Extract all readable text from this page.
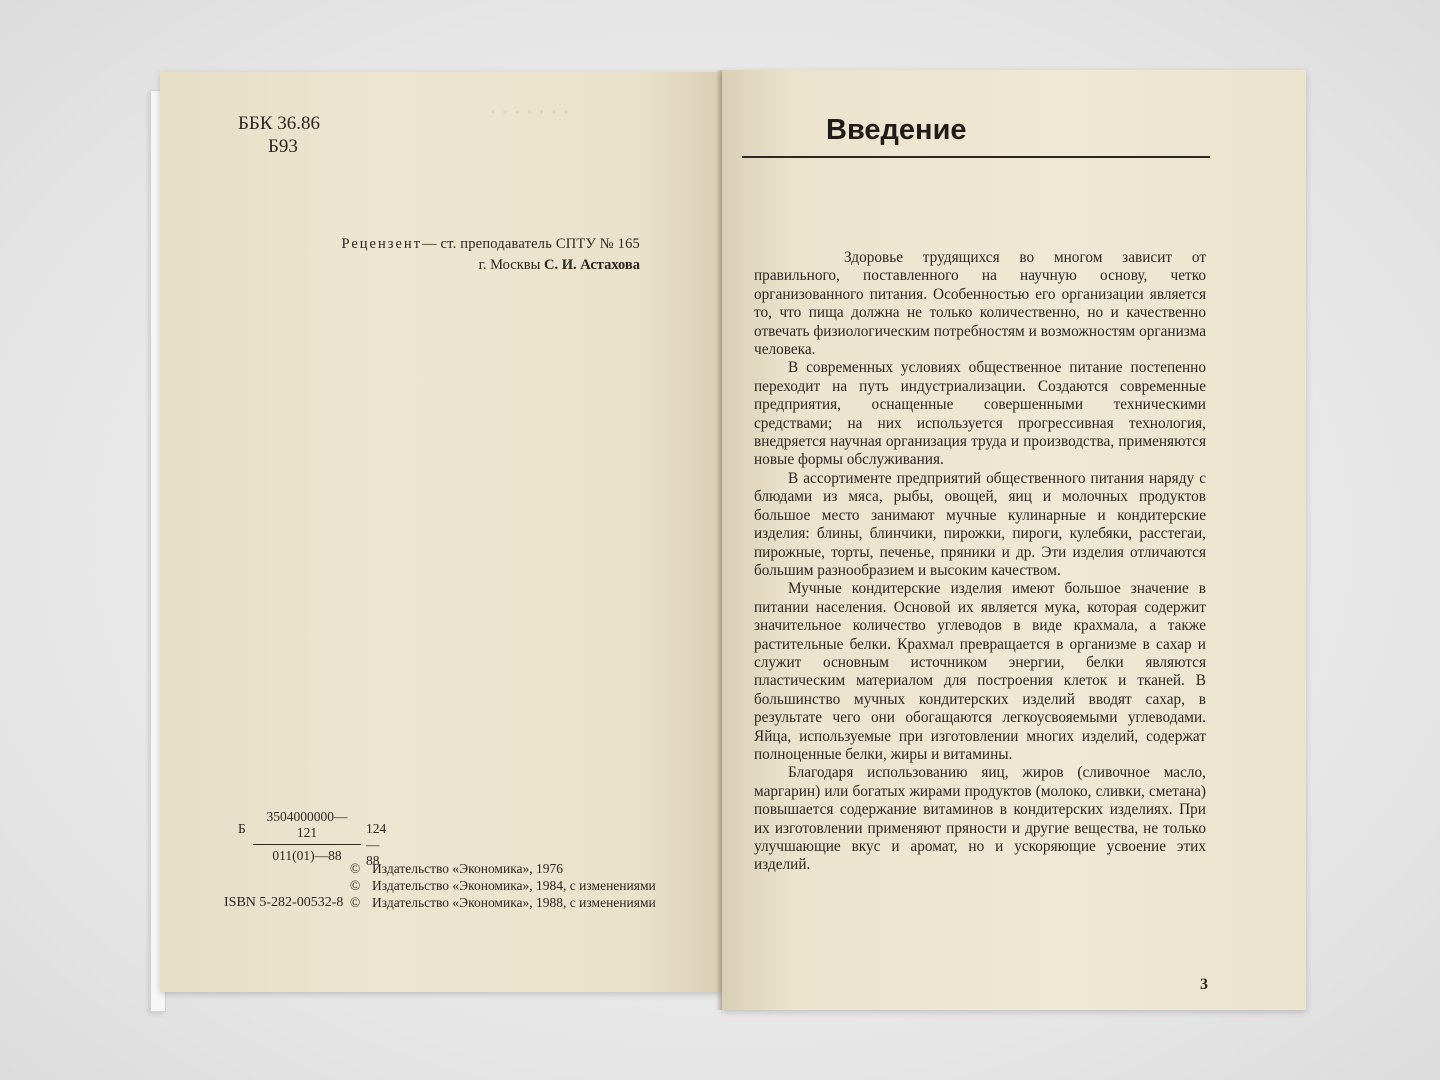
· · · · · · ·
ББК 36.86
Б93
Рецензент— ст. преподаватель СПТУ № 165
г. Москвы С. И. Астахова
Б $\frac{3504000000—121}{011(01)—88}$ 124—88
© Издательство «Экономика», 1976
© Издательство «Экономика», 1984, с изменениями
© Издательство «Экономика», 1988, с изменениями
ISBN 5-282-00532-8
Введение

Здоровье трудящихся во многом зависит от правильного, поставленного на научную основу, четко организованного питания. Особенностью его организации является то, что пища должна не только количественно, но и качественно отвечать физиологическим потребностям и возможностям организма человека.

В современных условиях общественное питание постепенно переходит на путь индустриализации. Создаются современные предприятия, оснащенные совершенными техническими средствами; на них используется прогрессивная технология, внедряется научная организация труда и производства, применяются новые формы обслуживания.

В ассортименте предприятий общественного питания наряду с блюдами из мяса, рыбы, овощей, яиц и молочных продуктов большое место занимают мучные кулинарные и кондитерские изделия: блины, блинчики, пирожки, пироги, кулебяки, расстегаи, пирожные, торты, печенье, пряники и др. Эти изделия отличаются большим разнообразием и высоким качеством.

Мучные кондитерские изделия имеют большое значение в питании населения. Основой их является мука, которая содержит значительное количество углеводов в виде крахмала, а также растительные белки. Крахмал превращается в организме в сахар и служит основным источником энергии, белки являются пластическим материалом для построения клеток и тканей. В большинство мучных кондитерских изделий вводят сахар, в результате чего они обогащаются легкоусвояемыми углеводами. Яйца, используемые при изготовлении многих изделий, содержат полноценные белки, жиры и витамины.

Благодаря использованию яиц, жиров (сливочное масло, маргарин) или богатых жирами продуктов (молоко, сливки, сметана) повышается содержание витаминов в кондитерских изделиях. При их изготовлении применяют пряности и другие вещества, не только улучшающие вкус и аромат, но и ускоряющие усвоение этих изделий.

3
